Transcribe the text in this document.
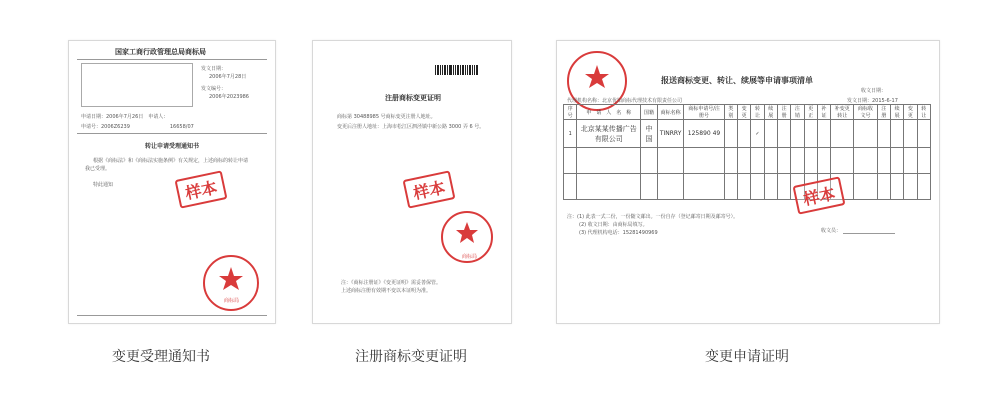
国家工商行政管理总局商标局
发文日期：
2006年7月28日
发文编号：
2006年2023986
申请日期：2006年7月26日　申请人：
申请号：2006Z6239　　　　　　　　16658/07
转让申请受理通知书
根据《商标法》和《商标法实施条例》有关规定，上述商标的转让申请
我已受理。
特此通知	样本
商标局
变更受理通知书
注册商标变更证明
商标第 30488985 号商标变更注册人地址。
变更后注册人地址：上海市松江区泗泾镇中新公路 3000 弄 6 号。
样本
商标局
注：《商标注册证》《变更证明》需妥善保管。
上述商标注册有效期不变以本证明为准。
注册商标变更证明
报送商标变更、转让、续展等申请事项清单
收文日期：
发文日期：2015-6-17
代理机构名称：北京优知商标代理技术有限责任公司
序号	申　请　人　名　称	国籍	商标名称	商标申请号/注册号	类别	变更	转让	续展	注册	注销	更正	补证	补变更转让	商标收文号	注册	续展	变更	转让
1	北京某某传播广告有限公司	中国	TINRRY	125890 49			✓											

样本
注：(1) 此表一式二份，一份随文邮出。一份自存（登记邮寄日期及邮寄号）。
(2) 收文日期：由商标局填写。
(3) 代理机构电话：15281490969	收文员：
变更申请证明
